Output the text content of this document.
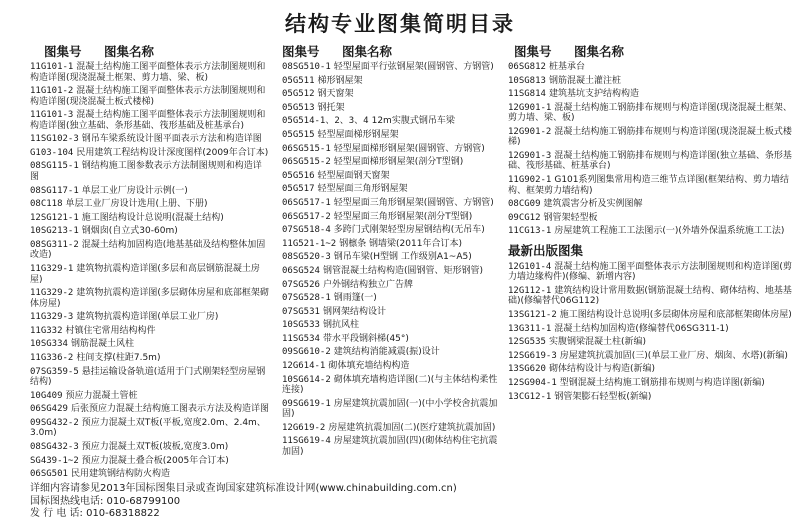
结构专业图集简明目录
图集号	图集名称
11G101-1 混凝土结构施工图平面整体表示方法制图规则和构造详图(现浇混凝土框架、剪力墙、梁、板)
11G101-2 混凝土结构施工图平面整体表示方法制图规则和构造详图(现浇混凝土板式楼梯)
11G101-3 混凝土结构施工图平面整体表示方法制图规则和构造详图(独立基础、条形基础、筏形基础及桩基承台)
11SG102-3 钢吊车梁系统设计图平面表示方法和构造详图
G103-104 民用建筑工程结构设计深度图样(2009年合订本)
08SG115-1 钢结构施工图参数表示方法制图规则和构造详图
08SG117-1 单层工业厂房设计示例(一)
08C118 单层工业厂房设计选用(上册、下册)
12SG121-1 施工图结构设计总说明(混凝土结构)
10SG213-1 钢烟囱(自立式30-60m)
08SG311-2 混凝土结构加固构造(地基基础及结构整体加固改造)
11G329-1 建筑物抗震构造详图(多层和高层钢筋混凝土房屋)
11G329-2 建筑物抗震构造详图(多层砌体房屋和底部框架砌体房屋)
11G329-3 建筑物抗震构造详图(单层工业厂房)
11G332 村镇住宅常用结构构件
10SG334 钢筋混凝土风柱
11G336-2 柱间支撑(柱距7.5m)
07SG359-5 悬挂运输设备轨道(适用于门式刚架轻型房屋钢结构)
10G409 预应力混凝土管桩
06SG429 后张预应力混凝土结构施工图表示方法及构造详图
09SG432-2 预应力混凝土双T板(平板,宽度2.0m、2.4m、3.0m)
08SG432-3 预应力混凝土双T板(坡板,宽度3.0m)
SG439-1~2 预应力混凝土叠合板(2005年合订本)
06SG501 民用建筑钢结构防火构造
图集号	图集名称
08SG510-1 轻型屋面平行弦钢屋架(圆钢管、方钢管)
05G511 梯形钢屋架
05G512 钢天窗架
05G513 钢托架
05G514-1、2、3、4 12m实腹式钢吊车梁
05G515 轻型屋面梯形钢屋架
06SG515-1 轻型屋面梯形钢屋架(圆钢管、方钢管)
06SG515-2 轻型屋面梯形钢屋架(剖分T型钢)
05G516 轻型屋面钢天窗架
05G517 轻型屋面三角形钢屋架
06SG517-1 轻型屋面三角形钢屋架(圆钢管、方钢管)
06SG517-2 轻型屋面三角形钢屋架(剖分T型钢)
07SG518-4 多跨门式刚架轻型房屋钢结构(无吊车)
11G521-1~2 钢檩条 钢墙梁(2011年合订本)
08SG520-3 钢吊车梁(H型钢 工作级别A1~A5)
06SG524 钢管混凝土结构构造(圆钢管、矩形钢管)
07SG526 户外钢结构独立广告牌
07SG528-1 钢雨篷(一)
07SG531 钢网架结构设计
10SG533 钢抗风柱
11SG534 带水平段钢斜梯(45°)
09SG610-2 建筑结构消能减震(振)设计
12G614-1 砌体填充墙结构构造
10SG614-2 砌体填充墙构造详图(二)(与主体结构柔性连接)
09SG619-1 房屋建筑抗震加固(一)(中小学校舍抗震加固)
12G619-2 房屋建筑抗震加固(二)(医疗建筑抗震加固)
11SG619-4 房屋建筑抗震加固(四)(砌体结构住宅抗震加固)
图集号	图集名称
06SG812 桩基承台
10SG813 钢筋混凝土灌注桩
11SG814 建筑基坑支护结构构造
12G901-1 混凝土结构施工钢筋排布规则与构造详图(现浇混凝土框架、剪力墙、梁、板)
12G901-2 混凝土结构施工钢筋排布规则与构造详图(现浇混凝土板式楼梯)
12G901-3 混凝土结构施工钢筋排布规则与构造详图(独立基础、条形基础、筏形基础、桩基承台)
11G902-1 G101系列图集常用构造三维节点详图(框架结构、剪力墙结构、框架剪力墙结构)
08CG09 建筑震害分析及实例图解
09CG12 钢管架轻型板
11CG13-1 房屋建筑工程施工工法图示(一)(外墙外保温系统施工工法)
最新出版图集
12G101-4 混凝土结构施工图平面整体表示方法制图规则和构造详图(剪力墙边缘构件)(修编、新增内容)
12G112-1 建筑结构设计常用数据(钢筋混凝土结构、砌体结构、地基基础)(修编替代06G112)
13SG121-2 施工图结构设计总说明(多层砌体房屋和底部框架砌体房屋)
13G311-1 混凝土结构加固构造(修编替代06SG311-1)
12SG535 实腹钢梁混凝土柱(新编)
12SG619-3 房屋建筑抗震加固(三)(单层工业厂房、烟囱、水塔)(新编)
13SG620 砌体结构设计与构造(新编)
12SG904-1 型钢混凝土结构施工钢筋排布规则与构造详图(新编)
13CG12-1 钢管架膨石轻型板(新编)
详细内容请参见2013年国标图集目录或查询国家建筑标准设计网(www.chinabuilding.com.cn)
国标图热线电话: 010-68799100
发 行 电 话: 010-68318822
